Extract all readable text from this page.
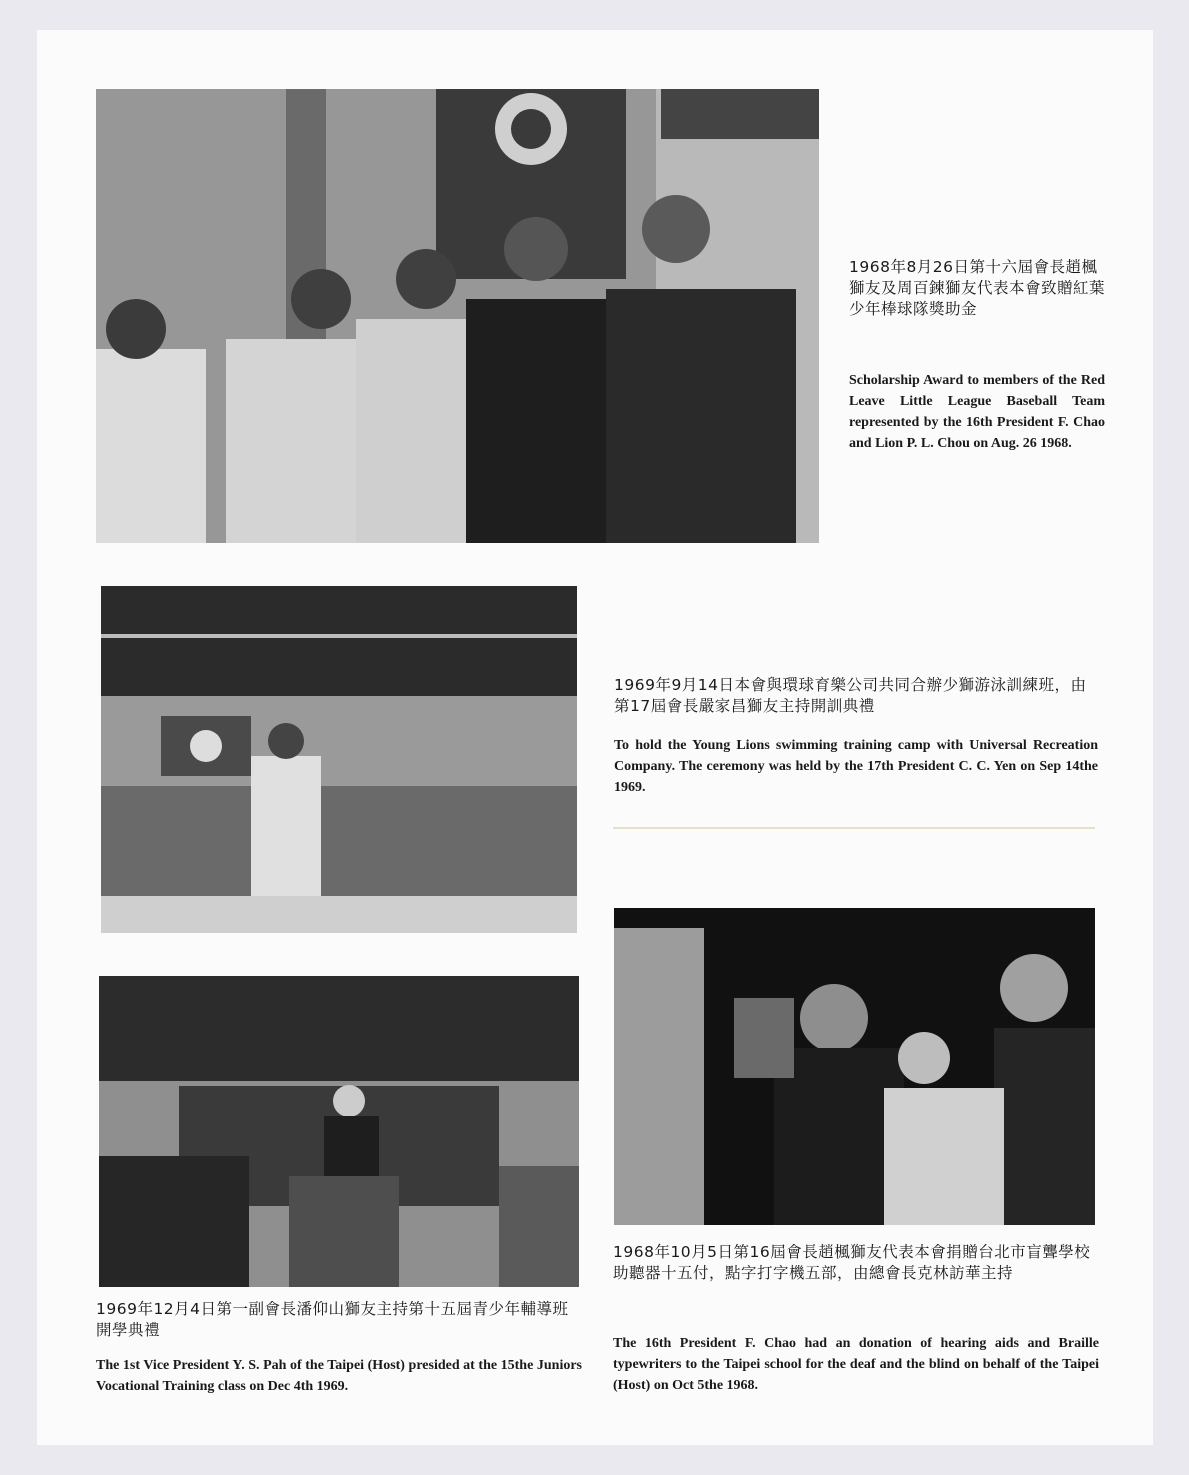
1968年8月26日第十六屆會長趙楓獅友及周百鍊獅友代表本會致贈紅葉少年棒球隊獎助金
Scholarship Award to members of the Red Leave Little League Baseball Team represented by the 16th President F. Chao and Lion P. L. Chou on Aug. 26 1968.
1969年9月14日本會與環球育樂公司共同合辦少獅游泳訓練班，由第17屆會長嚴家昌獅友主持開訓典禮
To hold the Young Lions swimming training camp with Universal Recreation Company. The ceremony was held by the 17th President C. C. Yen on Sep 14the 1969.
1969年12月4日第一副會長潘仰山獅友主持第十五屆青少年輔導班開學典禮
The 1st Vice President Y. S. Pah of the Taipei (Host) presided at the 15the Juniors Vocational Training class on Dec 4th 1969.
1968年10月5日第16屆會長趙楓獅友代表本會捐贈台北市盲聾學校助聽器十五付，點字打字機五部，由總會長克林訪華主持
The 16th President F. Chao had an donation of hearing aids and Braille typewriters to the Taipei school for the deaf and the blind on behalf of the Taipei (Host) on Oct 5the 1968.
